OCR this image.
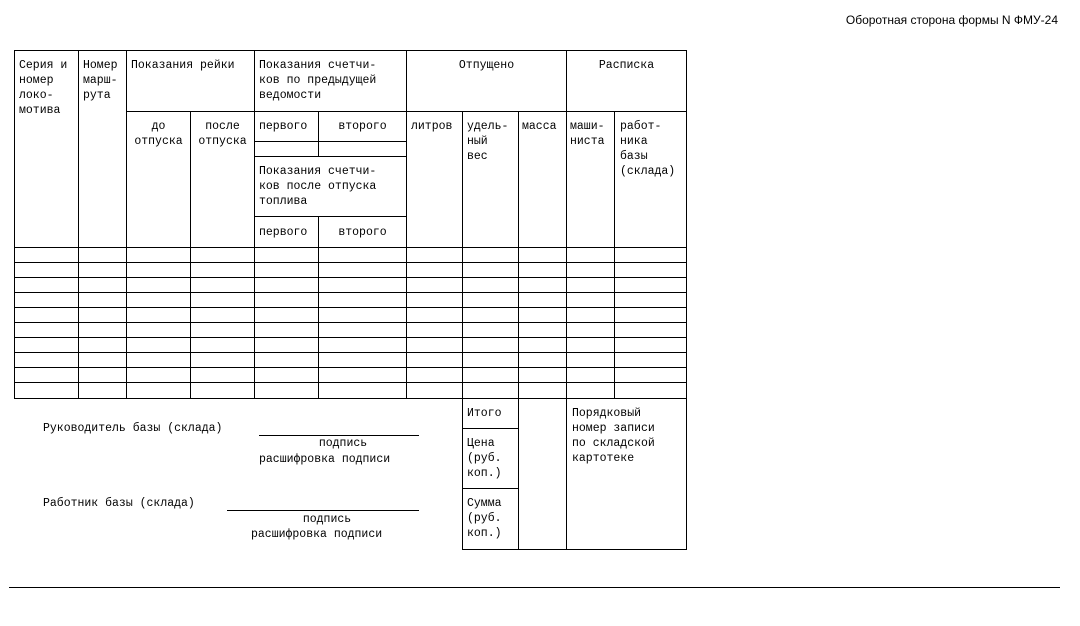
Оборотная сторона формы N ФМУ-24
Серия и
номер
локо-
мотива
Номер
марш-
рута
Показания рейки
до
отпуска
после
отпуска
Показания счетчи-
ков по предыдущей
ведомости
первого	второго
Показания счетчи-
ков после отпуска
топлива
первого	второго
Отпущено
литров удель-
ный
вес
масса
Расписка
маши-
ниста
работ-
ника
базы
(склада)
Итого
Цена
(руб.
коп.)
Сумма
(руб.
коп.)
Порядковый
номер записи
по складской
картотеке
Руководитель базы (склада)
подпись
расшифровка подписи
Работник базы (склада)
подпись
расшифровка подписи
